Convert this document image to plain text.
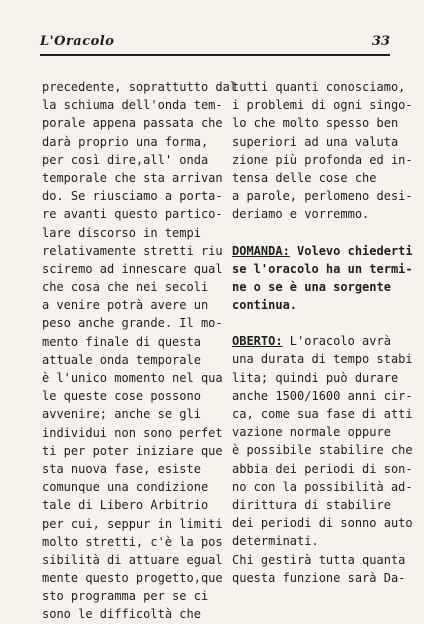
L'Oracolo	33
precedente, soprattutto dal
la schiuma dell'onda tem-
porale appena passata che
darà proprio una forma,
per così dire,all' onda
temporale che sta arrivan
do. Se riusciamo a porta-
re avanti questo partico-
lare discorso in tempi
relativamente stretti riu
sciremo ad innescare qual
che cosa che nei secoli
a venire potrà avere un
peso anche grande. Il mo-
mento finale di questa
attuale onda temporale
è l'unico momento nel qua
le queste cose possono
avvenire; anche se gli
individui non sono perfet
ti per poter iniziare que
sta nuova fase, esiste
comunque una condizione
tale di Libero Arbitrio
per cui, seppur in limiti
molto stretti, c'è la pos
sibilità di attuare egual
mente questo progetto,que
sto programma per se ci
sono le difficoltà che
tutti quanti conosciamo,
i problemi di ogni singo-
lo che molto spesso ben
superiori ad una valuta
zione più profonda ed in-
tensa delle cose che
a parole, perlomeno desi-
deriamo e vorremmo.
DOMANDA: Volevo chiederti
se l'oracolo ha un termi-
ne o se è una sorgente
continua.
OBERTO: L'oracolo avrà
una durata di tempo stabi
lita; quindi può durare
anche 1500/1600 anni cir-
ca, come sua fase di atti
vazione normale oppure
è possibile stabilire che
abbia dei periodi di son-
no con la possibilità ad-
dirittura di stabilire
dei periodi di sonno auto
determinati.
Chi gestirà tutta quanta
questa funzione sarà Da-
